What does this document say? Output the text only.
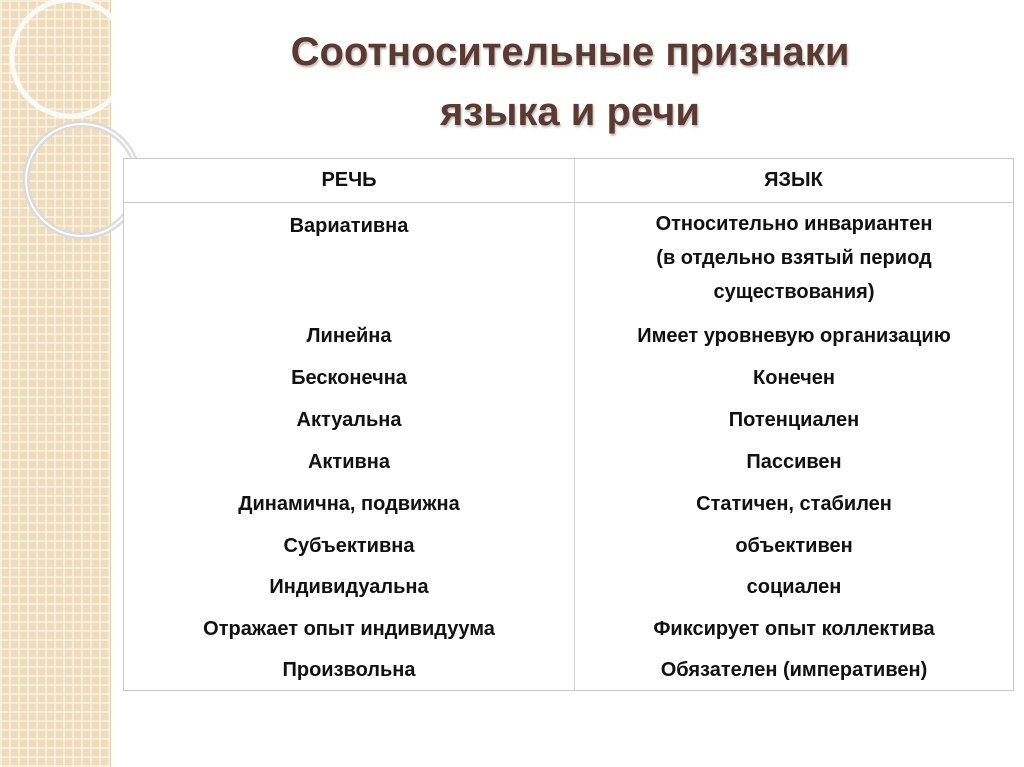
Соотносительные признаки
языка и речи
РЕЧЬ	ЯЗЫК
Вариативна	Относительно инвариантен
(в отдельно взятый период
существования)
Линейна	Имеет уровневую организацию
Бесконечна	Конечен
Актуальна	Потенциален
Активна	Пассивен
Динамична, подвижна	Статичен, стабилен
Субъективна	объективен
Индивидуальна	социален
Отражает опыт индивидуума	Фиксирует опыт коллектива
Произвольна	Обязателен (императивен)
